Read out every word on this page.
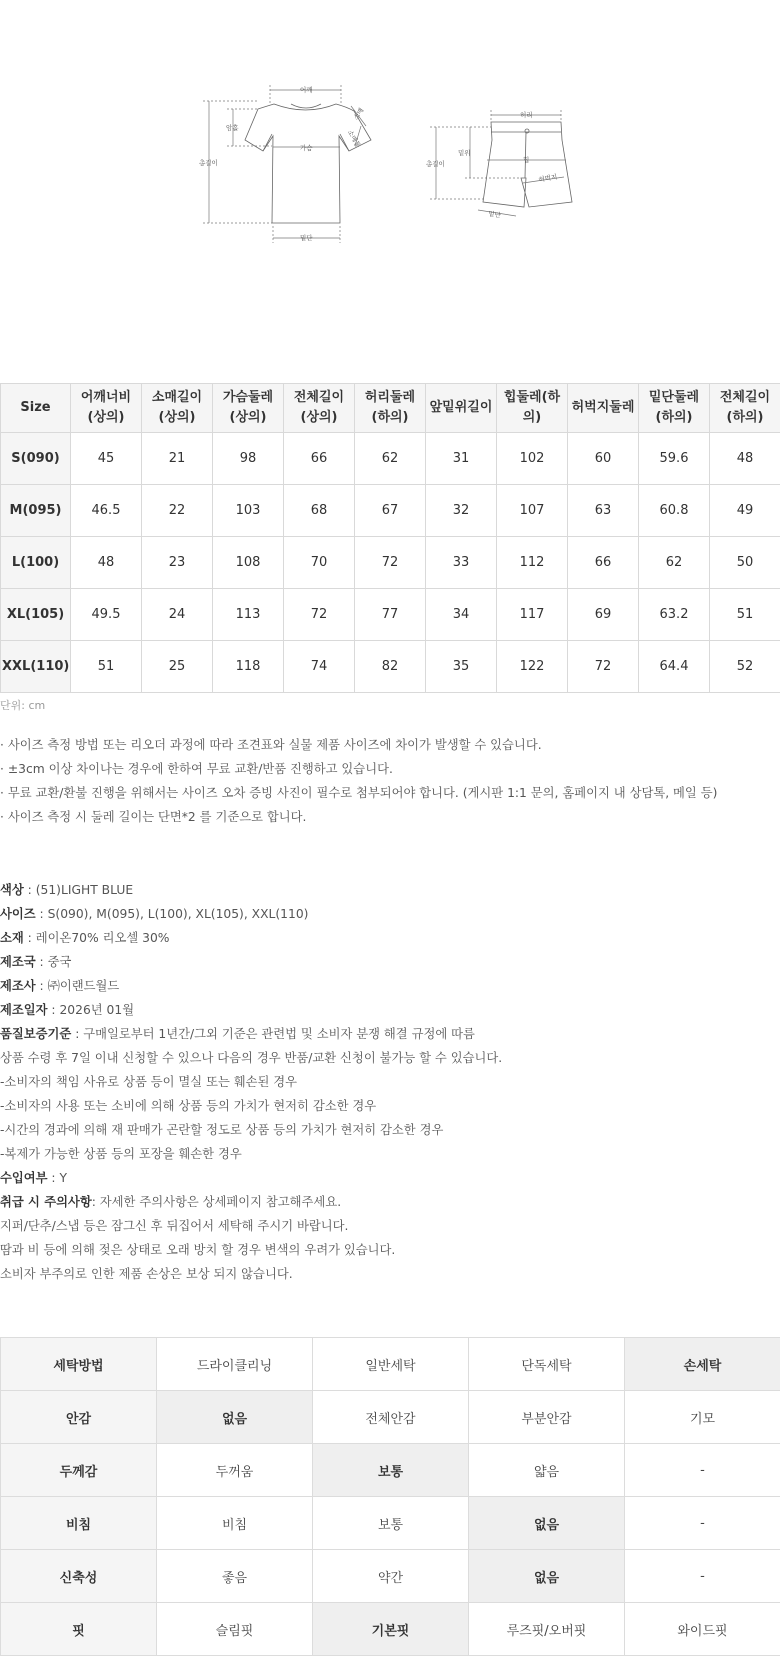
어깨
소매
소매통
암홀
가슴
총길이
밑단
허리
밑위
힙
허벅지
총길이
밑단
Size	어깨너비(상의)	소매길이(상의)	가슴둘레(상의)	전체길이(상의)	허리둘레(하의)	앞밑위길이	힙둘레(하의)	허벅지둘레	밑단둘레(하의)	전체길이(하의)
S(090)	45	21	98	66	62	31	102	60	59.6	48
M(095)	46.5	22	103	68	67	32	107	63	60.8	49
L(100)	48	23	108	70	72	33	112	66	62	50
XL(105)	49.5	24	113	72	77	34	117	69	63.2	51
XXL(110)	51	25	118	74	82	35	122	72	64.4	52
단위: cm
· 사이즈 측정 방법 또는 리오더 과정에 따라 조견표와 실물 제품 사이즈에 차이가 발생할 수 있습니다.
· ±3cm 이상 차이나는 경우에 한하여 무료 교환/반품 진행하고 있습니다.
· 무료 교환/환불 진행을 위해서는 사이즈 오차 증빙 사진이 필수로 첨부되어야 합니다. (게시판 1:1 문의, 홈페이지 내 상담톡, 메일 등)
· 사이즈 측정 시 둘레 길이는 단면*2 를 기준으로 합니다.
색상 : (51)LIGHT BLUE
사이즈 : S(090), M(095), L(100), XL(105), XXL(110)
소재 : 레이온70% 리오셀 30%
제조국 : 중국
제조사 : ㈜이랜드월드
제조일자 : 2026년 01월
품질보증기준 : 구매일로부터 1년간/그외 기준은 관련법 및 소비자 분쟁 해결 규정에 따름
상품 수령 후 7일 이내 신청할 수 있으나 다음의 경우 반품/교환 신청이 불가능 할 수 있습니다.
-소비자의 책임 사유로 상품 등이 멸실 또는 훼손된 경우
-소비자의 사용 또는 소비에 의해 상품 등의 가치가 현저히 감소한 경우
-시간의 경과에 의해 재 판매가 곤란할 정도로 상품 등의 가치가 현저히 감소한 경우
-복제가 가능한 상품 등의 포장을 훼손한 경우
수입여부 : Y
취급 시 주의사항: 자세한 주의사항은 상세페이지 참고해주세요.
지퍼/단추/스냅 등은 잠그신 후 뒤집어서 세탁해 주시기 바랍니다.
땀과 비 등에 의해 젖은 상태로 오래 방치 할 경우 변색의 우려가 있습니다.
소비자 부주의로 인한 제품 손상은 보상 되지 않습니다.
세탁방법	드라이클리닝	일반세탁	단독세탁	손세탁
안감	없음	전체안감	부분안감	기모
두께감	두꺼움	보통	얇음	-
비침	비침	보통	없음	-
신축성	좋음	약간	없음	-
핏	슬림핏	기본핏	루즈핏/오버핏	와이드핏
